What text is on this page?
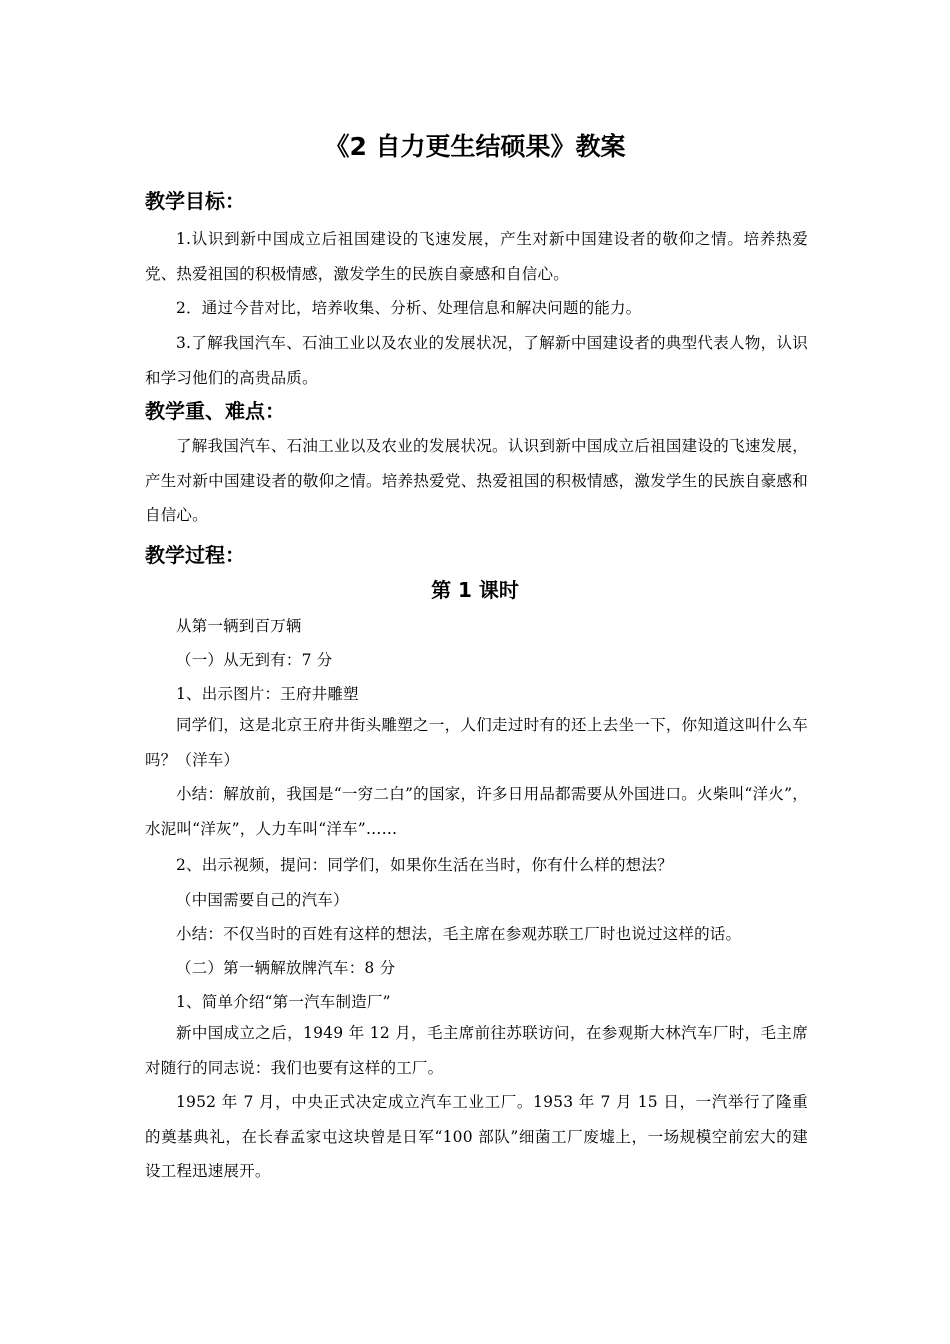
《2 自力更生结硕果》教案
教学目标：
1.认识到新中国成立后祖国建设的飞速发展，产生对新中国建设者的敬仰之情。培养热爱党、热爱祖国的积极情感，激发学生的民族自豪感和自信心。
2．通过今昔对比，培养收集、分析、处理信息和解决问题的能力。
3.了解我国汽车、石油工业以及农业的发展状况，了解新中国建设者的典型代表人物，认识和学习他们的高贵品质。
教学重、难点：
了解我国汽车、石油工业以及农业的发展状况。认识到新中国成立后祖国建设的飞速发展，产生对新中国建设者的敬仰之情。培养热爱党、热爱祖国的积极情感，激发学生的民族自豪感和自信心。
教学过程：
第 1 课时
从第一辆到百万辆
（一）从无到有：7 分
1、出示图片：王府井雕塑
同学们，这是北京王府井街头雕塑之一，人们走过时有的还上去坐一下，你知道这叫什么车吗？（洋车）
小结：解放前，我国是“一穷二白”的国家，许多日用品都需要从外国进口。火柴叫“洋火”，水泥叫“洋灰”，人力车叫“洋车”……
2、出示视频，提问：同学们，如果你生活在当时，你有什么样的想法？
（中国需要自己的汽车）
小结：不仅当时的百姓有这样的想法，毛主席在参观苏联工厂时也说过这样的话。
（二）第一辆解放牌汽车：8 分
1、简单介绍“第一汽车制造厂”
新中国成立之后，1949 年 12 月，毛主席前往苏联访问，在参观斯大林汽车厂时，毛主席对随行的同志说：我们也要有这样的工厂。
1952 年 7 月，中央正式决定成立汽车工业工厂。1953 年 7 月 15 日，一汽举行了隆重的奠基典礼，在长春孟家屯这块曾是日军“100 部队”细菌工厂废墟上，一场规模空前宏大的建设工程迅速展开。
